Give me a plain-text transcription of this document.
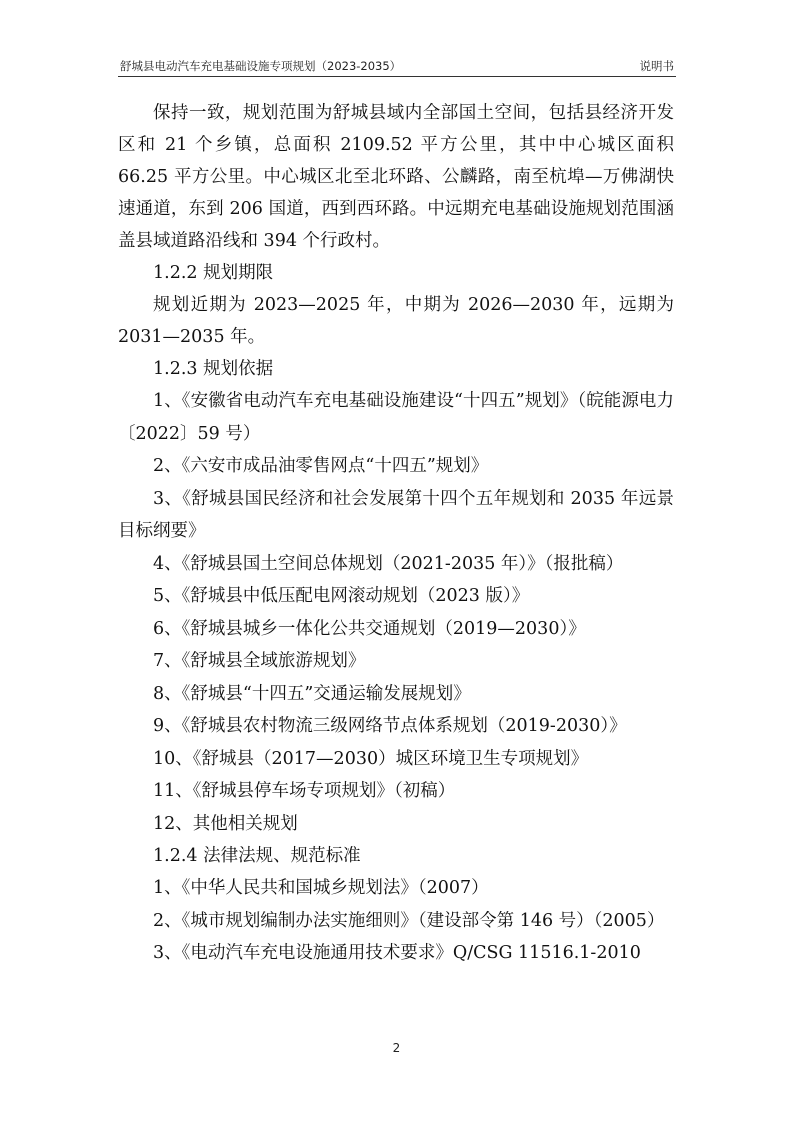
舒城县电动汽车充电基础设施专项规划（2023-2035）	说明书

保持一致，规划范围为舒城县域内全部国土空间，包括县经济开发区和 21 个乡镇，总面积 2109.52 平方公里，其中中心城区面积 66.25 平方公里。中心城区北至北环路、公麟路，南至杭埠—万佛湖快速通道，东到 206 国道，西到西环路。中远期充电基础设施规划范围涵盖县域道路沿线和 394 个行政村。

1.2.2 规划期限

规划近期为 2023—2025 年，中期为 2026—2030 年，远期为 2031—2035 年。

1.2.3 规划依据

1、《安徽省电动汽车充电基础设施建设“十四五”规划》（皖能源电力〔2022〕59 号）

2、《六安市成品油零售网点“十四五”规划》

3、《舒城县国民经济和社会发展第十四个五年规划和 2035 年远景目标纲要》

4、《舒城县国土空间总体规划（2021-2035 年）》（报批稿）

5、《舒城县中低压配电网滚动规划（2023 版）》

6、《舒城县城乡一体化公共交通规划（2019—2030）》

7、《舒城县全域旅游规划》

8、《舒城县“十四五”交通运输发展规划》

9、《舒城县农村物流三级网络节点体系规划（2019-2030）》

10、《舒城县（2017—2030）城区环境卫生专项规划》

11、《舒城县停车场专项规划》（初稿）

12、其他相关规划

1.2.4 法律法规、规范标准

1、《中华人民共和国城乡规划法》（2007）

2、《城市规划编制办法实施细则》（建设部令第 146 号）（2005）

3、《电动汽车充电设施通用技术要求》Q/CSG 11516.1-2010

2
